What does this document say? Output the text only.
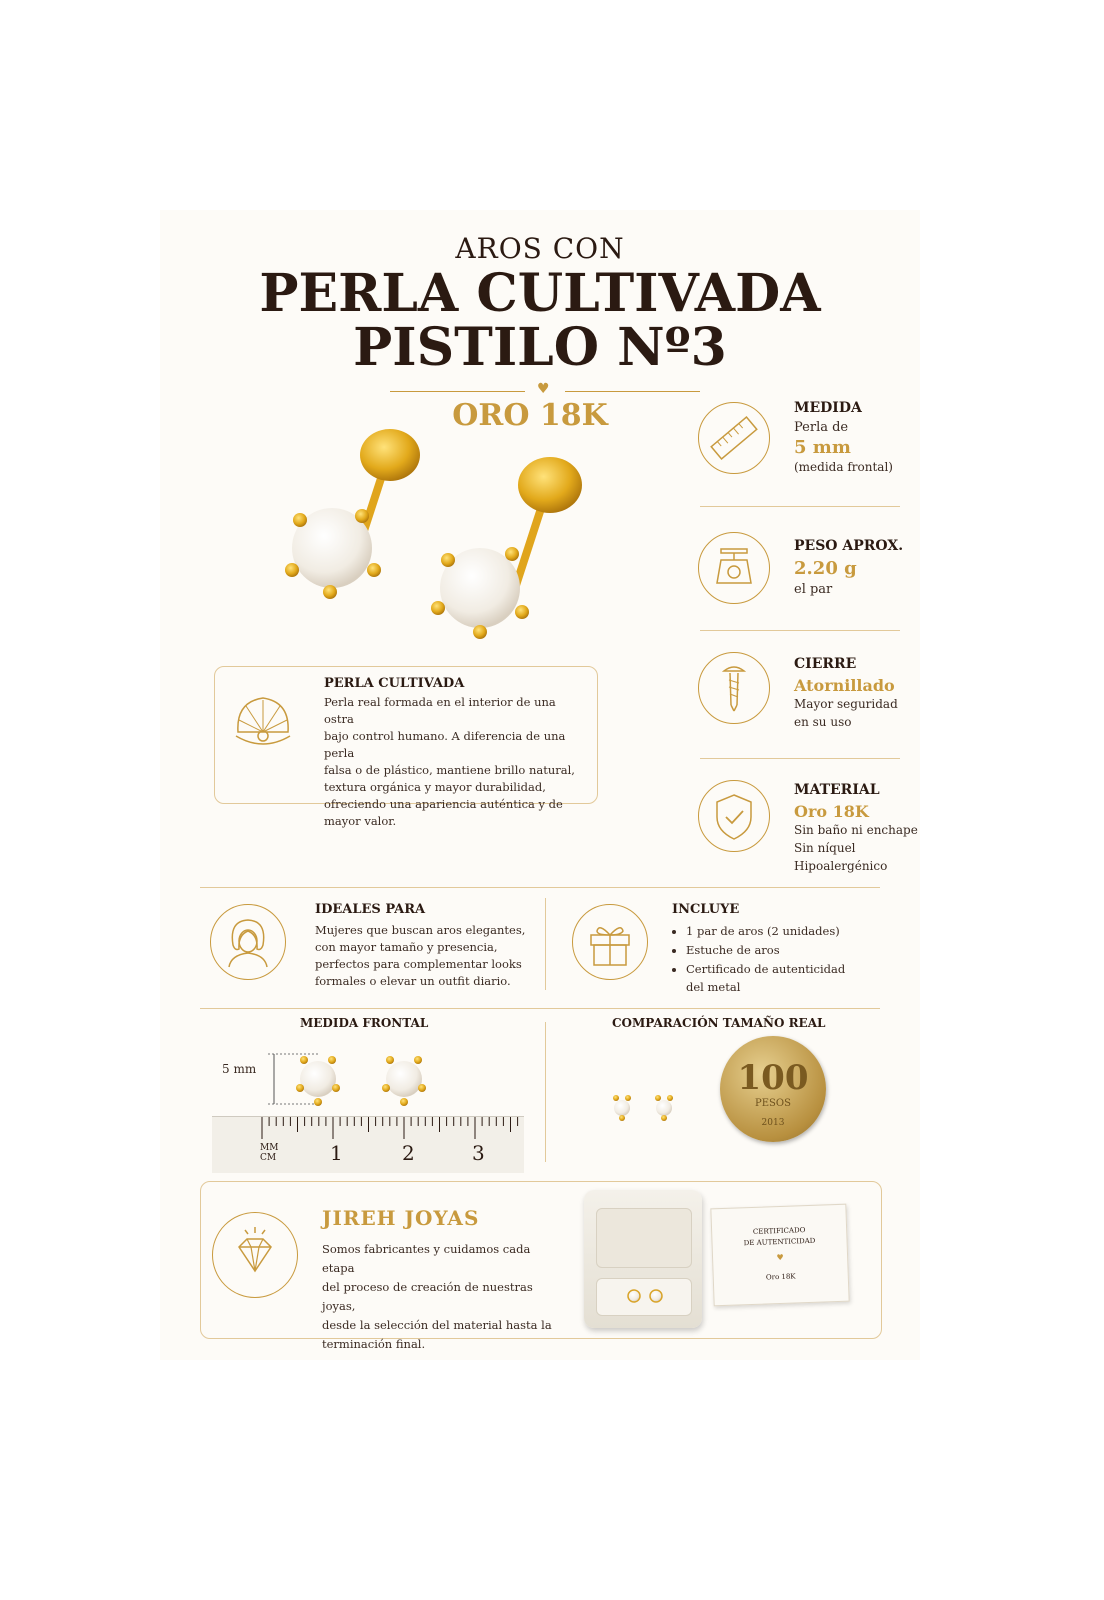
AROS CON
PERLA CULTIVADA
PISTILO Nº3
♥
ORO 18K	MEDIDA
Perla de
5 mm
(medida frontal)
PESO APROX.
2.20 g
el par
CIERRE
Atornillado
Mayor seguridad
en su uso
MATERIAL
Oro 18K
Sin baño ni enchape
Sin níquel
Hipoalergénico
PERLA CULTIVADA
Perla real formada en el interior de una ostra
bajo control humano. A diferencia de una perla
falsa o de plástico, mantiene brillo natural,
textura orgánica y mayor durabilidad,
ofreciendo una apariencia auténtica y de
mayor valor.
IDEALES PARA
Mujeres que buscan aros elegantes,
con mayor tamaño y presencia,
perfectos para complementar looks
formales o elevar un outfit diario.
INCLUYE
• 1 par de aros (2 unidades)
• Estuche de aros
• Certificado de autenticidad
del metal
MEDIDA FRONTAL
5 mm
MM
CM	1	2	3
COMPARACIÓN TAMAÑO REAL
100
PESOS
2013
JIREH JOYAS
Somos fabricantes y cuidamos cada etapa
del proceso de creación de nuestras joyas,
desde la selección del material hasta la
terminación final.
CERTIFICADO
DE AUTENTICIDAD
♥
Oro 18K
